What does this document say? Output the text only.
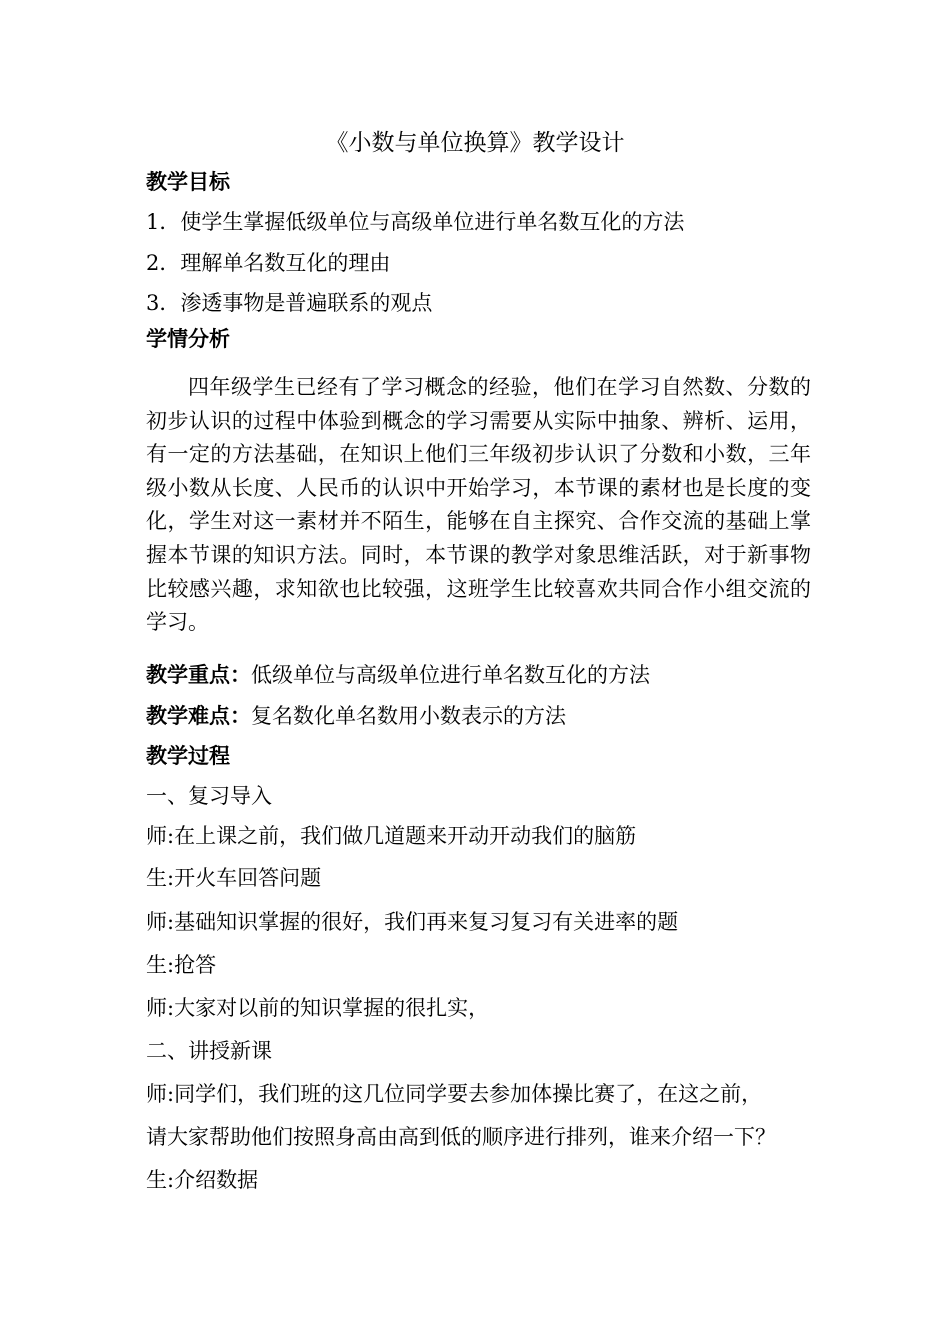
《小数与单位换算》教学设计
教学目标
1．使学生掌握低级单位与高级单位进行单名数互化的方法
2．理解单名数互化的理由
3．渗透事物是普遍联系的观点
学情分析
四年级学生已经有了学习概念的经验，他们在学习自然数、分数的初步认识的过程中体验到概念的学习需要从实际中抽象、辨析、运用，有一定的方法基础，在知识上他们三年级初步认识了分数和小数，三年级小数从长度、人民币的认识中开始学习，本节课的素材也是长度的变化，学生对这一素材并不陌生，能够在自主探究、合作交流的基础上掌握本节课的知识方法。同时，本节课的教学对象思维活跃，对于新事物比较感兴趣，求知欲也比较强，这班学生比较喜欢共同合作小组交流的学习。
教学重点：低级单位与高级单位进行单名数互化的方法
教学难点：复名数化单名数用小数表示的方法
教学过程
一、复习导入
师:在上课之前，我们做几道题来开动开动我们的脑筋
生:开火车回答问题
师:基础知识掌握的很好，我们再来复习复习有关进率的题
生:抢答
师:大家对以前的知识掌握的很扎实，
二、讲授新课
师:同学们，我们班的这几位同学要去参加体操比赛了，在这之前，
请大家帮助他们按照身高由高到低的顺序进行排列，谁来介绍一下？
生:介绍数据
